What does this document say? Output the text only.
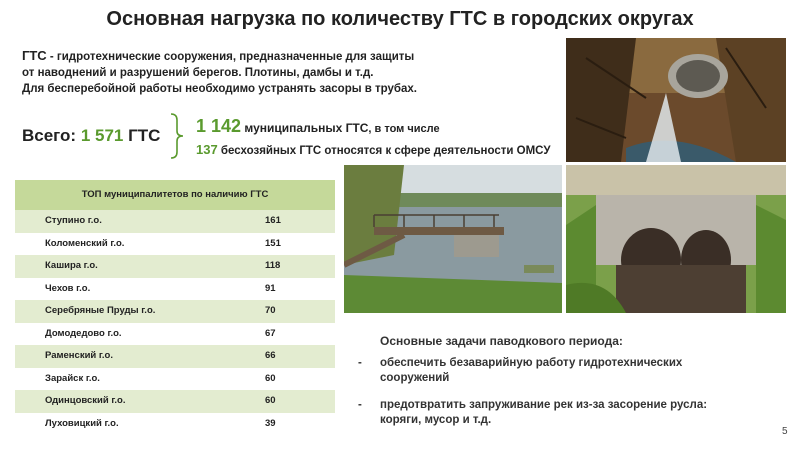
Основная нагрузка по количеству ГТС в городских округах
ГТС - гидротехнические сооружения, предназначенные для защиты
от наводнений и разрушений берегов. Плотины, дамбы и т.д.
Для бесперебойной работы необходимо устранять засоры в трубах.
Всего: 1 571 ГТС 1 142 муниципальных ГТС, в том числе
137 бесхозяйных ГТС относятся к сфере деятельности ОМСУ
ТОП муниципалитетов по наличию ГТС
Ступино г.о.	161
Коломенский г.о.	151
Кашира г.о.	118
Чехов г.о.	91
Серебряные Пруды г.о.	70
Домодедово г.о.	67
Раменский г.о.	66
Зарайск г.о.	60
Одинцовский г.о.	60
Луховицкий г.о.	39
Основные задачи паводкового периода:
- обеспечить безаварийную работу гидротехнических
сооружений
- предотвратить запруживание рек из-за засорение русла:
коряги, мусор и т.д.
5
